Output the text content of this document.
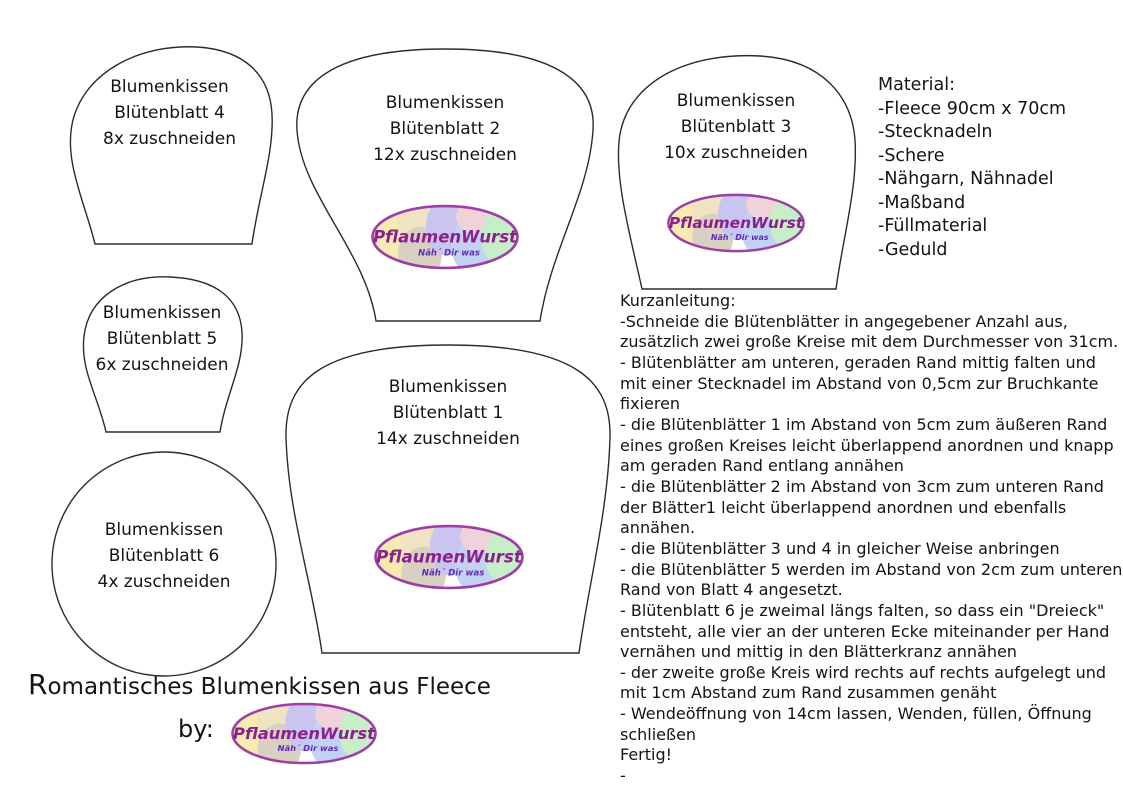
Blumenkissen
Blütenblatt 4
8x zuschneiden
Blumenkissen
Blütenblatt 2
12x zuschneiden
PflaumenWurst
Näh´ Dir was
Blumenkissen
Blütenblatt 3
10x zuschneiden
PflaumenWurst
Näh´ Dir was
Blumenkissen
Blütenblatt 5
6x zuschneiden
Blumenkissen
Blütenblatt 1
14x zuschneiden
PflaumenWurst
Näh´ Dir was
Blumenkissen
Blütenblatt 6
4x zuschneiden
Material:
-Fleece 90cm x 70cm
-Stecknadeln
-Schere
-Nähgarn, Nähnadel
-Maßband
-Füllmaterial
-Geduld
Kurzanleitung:
-Schneide die Blütenblätter in angegebener Anzahl aus,
zusätzlich zwei große Kreise mit dem Durchmesser von 31cm.
- Blütenblätter am unteren, geraden Rand mittig falten und
mit einer Stecknadel im Abstand von 0,5cm zur Bruchkante
fixieren
- die Blütenblätter 1 im Abstand von 5cm zum äußeren Rand
eines großen Kreises leicht überlappend anordnen und knapp
am geraden Rand entlang annähen
- die Blütenblätter 2 im Abstand von 3cm zum unteren Rand
der Blätter1 leicht überlappend anordnen und ebenfalls
annähen.
- die Blütenblätter 3 und 4 in gleicher Weise anbringen
- die Blütenblätter 5 werden im Abstand von 2cm zum unteren
Rand von Blatt 4 angesetzt.
- Blütenblatt 6 je zweimal längs falten, so dass ein "Dreieck"
entsteht, alle vier an der unteren Ecke miteinander per Hand
vernähen und mittig in den Blätterkranz annähen
- der zweite große Kreis wird rechts auf rechts aufgelegt und
mit 1cm Abstand zum Rand zusammen genäht
- Wendeöffnung von 14cm lassen, Wenden, füllen, Öffnung
schließen
Fertig!
-
Romantisches Blumenkissen aus Fleece
by: PflaumenWurst
Näh´ Dir was
